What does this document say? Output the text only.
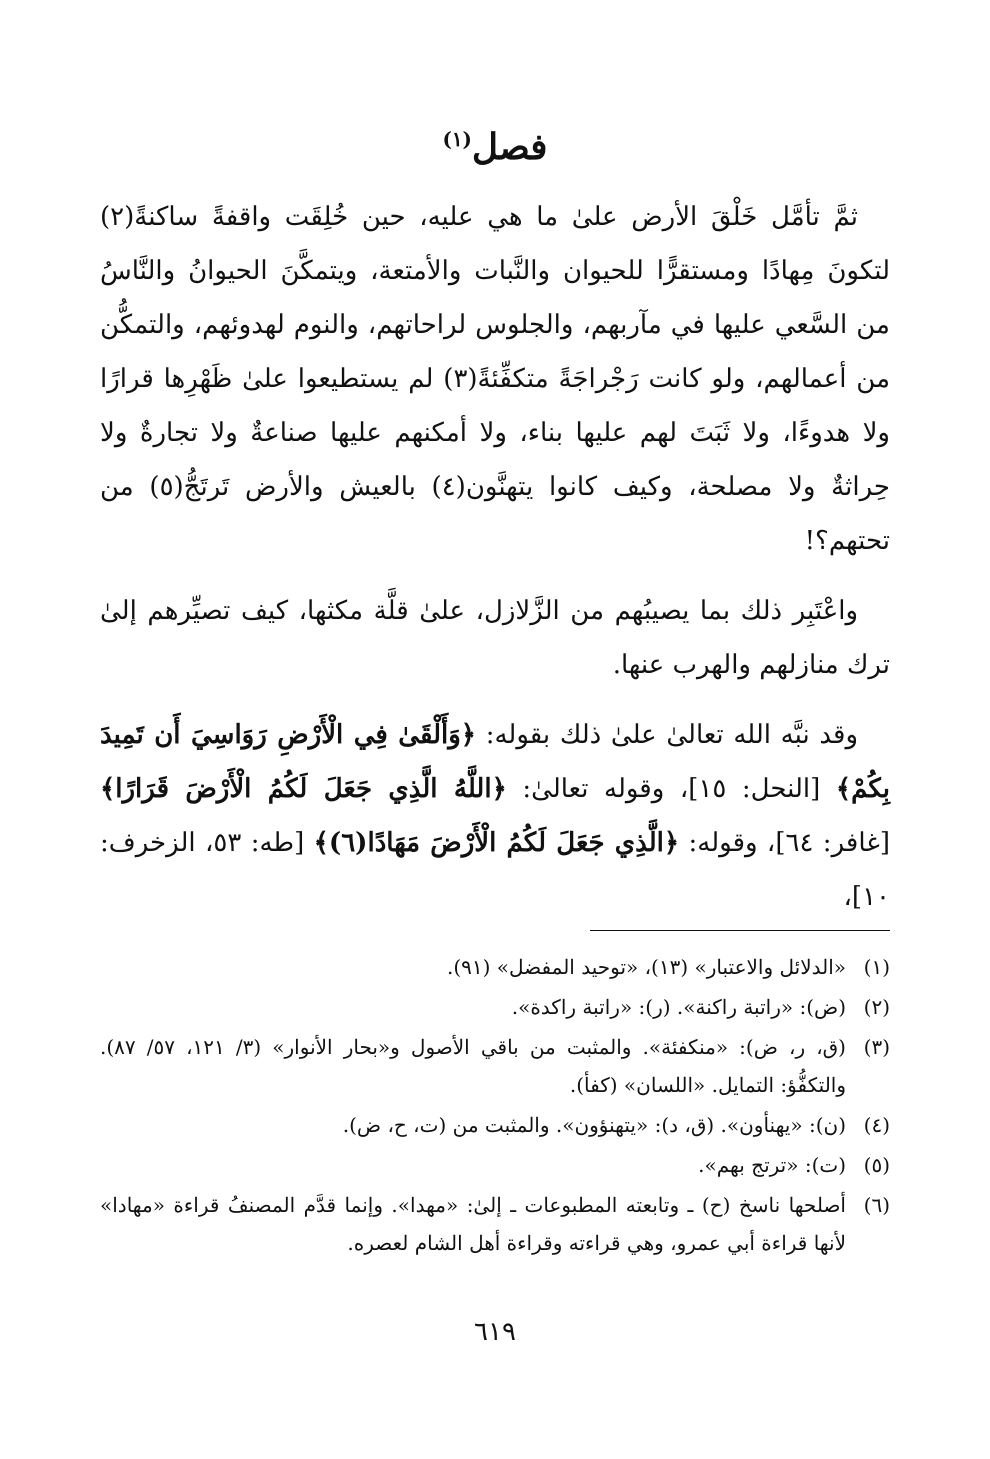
فصل$^{(١)}$

ثمَّ تأمَّل خَلْقَ الأرض علىٰ ما هي عليه، حين خُلِقَت واقفةً ساكنةً(٢) لتكونَ مِهادًا ومستقرًّا للحيوان والنَّبات والأمتعة، ويتمكَّنَ الحيوانُ والنَّاسُ من السَّعي عليها في مآربهم، والجلوس لراحاتهم، والنوم لهدوئهم، والتمكُّن من أعمالهم، ولو كانت رَجْراجَةً متكفِّئةً(٣) لم يستطيعوا علىٰ ظَهْرِها قرارًا ولا هدوءًا، ولا ثَبَتَ لهم عليها بناء، ولا أمكنهم عليها صناعةٌ ولا تجارةٌ ولا حِراثةٌ ولا مصلحة، وكيف كانوا يتهنَّون(٤) بالعيش والأرض تَرتَجُّ(٥) من تحتهم؟!

واعْتَبِر ذلك بما يصيبُهم من الزَّلازل، علىٰ قلَّة مكثها، كيف تصيِّرهم إلىٰ ترك منازلهم والهرب عنها.

وقد نبَّه الله تعالىٰ علىٰ ذلك بقوله: ﴿وَأَلْقَىٰ فِي الْأَرْضِ رَوَاسِيَ أَن تَمِيدَ بِكُمْ﴾ [النحل: ١٥]، وقوله تعالىٰ: ﴿اللَّهُ الَّذِي جَعَلَ لَكُمُ الْأَرْضَ قَرَارًا﴾ [غافر: ٦٤]، وقوله: ﴿الَّذِي جَعَلَ لَكُمُ الْأَرْضَ مَهَادًا(٦)﴾ [طه: ٥٣، الزخرف: ١٠]،

(١)
«الدلائل والاعتبار» (١٣)، «توحيد المفضل» (٩١).
(٢)
(ض): «راتبة راكنة». (ر): «راتبة راكدة».
(٣)
(ق، ر، ض): «منكفئة». والمثبت من باقي الأصول و«بحار الأنوار» (٣/ ١٢١، ٥٧/ ٨٧). والتكفُّؤ: التمايل. «اللسان» (كفأ).
(٤)
(ن): «يهنأون». (ق، د): «يتهنؤون». والمثبت من (ت، ح، ض).
(٥)
(ت): «ترتج بهم».
(٦)
أصلحها ناسخ (ح) ـ وتابعته المطبوعات ـ إلىٰ: «مهدا». وإنما قدَّم المصنفُ قراءة «مهادا» لأنها قراءة أبي عمرو، وهي قراءته وقراءة أهل الشام لعصره.
٦١٩
